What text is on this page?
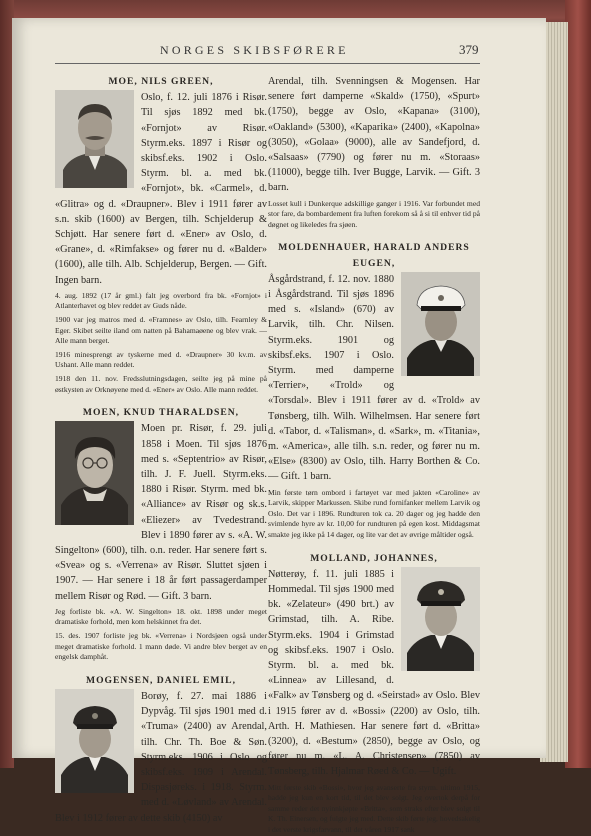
NORGES SKIBSFØRERE	379

MOE, NILS GREEN,

Oslo, f. 12. juli 1876 i Risør. Til sjøs 1892 med bk. «Fornjot» av Risør. Styrm.eks. 1897 i Risør og skibsf.eks. 1902 i Oslo. Styrm. bl. a. med bk. «Fornjot», bk. «Carmel», d. «Glitra» og d. «Draupner». Blev i 1911 fører av s.n. skib (1600) av Bergen, tilh. Schjelderup & Schjøtt. Har senere ført d. «Ener» av Oslo, d. «Grane», d. «Rimfakse» og fører nu d. «Balder» (1600), alle tilh. Alb. Schjelderup, Bergen. — Gift. Ingen barn.

4. aug. 1892 (17 år gml.) falt jeg overbord fra bk. «Fornjot» i Atlanterhavet og blev reddet av Guds nåde.

1900 var jeg matros med d. «Framnes» av Oslo, tilh. Fearnley & Eger. Skibet seilte iland om natten på Bahamaøene og blev vrak. — Alle mann berget.

1916 minesprengt av tyskerne med d. «Draupner» 30 kv.m. av Ushant. Alle mann reddet.

1918 den 11. nov. Fredsslutningsdagen, seilte jeg på mine på østkysten av Orknøyene med d. «Ener» av Oslo. Alle mann reddet.

MOEN, KNUD THARALDSEN,

Moen pr. Risør, f. 29. juli 1858 i Moen. Til sjøs 1876 med s. «Septentrio» av Risør, tilh. J. F. Juell. Styrm.eks. 1880 i Risør. Styrm. med bk. «Alliance» av Risør og sk.s. «Eliezer» av Tvedestrand. Blev i 1890 fører av s. «A. W. Singelton» (600), tilh. o.n. reder. Har senere ført s. «Svea» og s. «Verrena» av Risør. Sluttet sjøen i 1907. — Har senere i 18 år ført passagerdamper mellem Risør og Rød. — Gift. 3 barn.

Jeg forliste bk. «A. W. Singelton» 18. okt. 1898 under meget dramatiske forhold, men kom helskinnet fra det.

15. des. 1907 forliste jeg bk. «Verrena» i Nordsjøen også under meget dramatiske forhold. 1 mann døde. Vi andre blev berget av en engelsk damphåt.

MOGENSEN, DANIEL EMIL,

Borøy, f. 27. mai 1886 i Dypvåg. Til sjøs 1901 med d. «Truma» (2400) av Arendal, tilh. Chr. Th. Boe & Søn. Styrm.eks. 1906 i Oslo og skibsf.eks. 1909 i Arendal. Dispasjøreks. i 1918. Styrm. med d. «Løvland» av Arendal. Blev i 1912 fører av dette skib (4150) av

Arendal, tilh. Svenningsen & Mogensen. Har senere ført damperne «Skald» (1750), «Spurt» (1750), begge av Oslo, «Kapana» (3100), «Oakland» (5300), «Kaparika» (2400), «Kapolna» (3050), «Golaa» (9000), alle av Sandefjord, d. «Salsaas» (7790) og fører nu m. «Storaas» (11000), begge tilh. Iver Bugge, Larvik. — Gift. 3 barn.

Losset kull i Dunkerque adskillige ganger i 1916. Var forbundet med stor fare, da bombardement fra luften forekom så å si til enhver tid på døgnet og likeledes fra sjøen.

MOLDENHAUER, HARALD ANDERS EUGEN,

Åsgårdstrand, f. 12. nov. 1880 i Åsgårdstrand. Til sjøs 1896 med s. «Island» (670) av Larvik, tilh. Chr. Nilsen. Styrm.eks. 1901 og skibsf.eks. 1907 i Oslo. Styrm. med damperne «Terrier», «Trold» og «Torsdal». Blev i 1911 fører av d. «Trold» av Tønsberg, tilh. Wilh. Wilhelmsen. Har senere ført d. «Tabor, d. «Talisman», d. «Sark», m. «Titania», m. «America», alle tilh. s.n. reder, og fører nu m. «Else» (8300) av Oslo, tilh. Harry Borthen & Co. — Gift. 1 barn.

Min første tørn ombord i fartøyet var med jakten «Caroline» av Larvik, skipper Markussen. Skibe rund fornifanker mellem Larvik og Oslo. Det var i 1896. Rundturen tok ca. 20 dager og jeg hadde den svimlende hyre av kr. 10,00 for rundturen på egen kost. Middagsmat smakte jeg ikke på 14 dager, og lite var det av øvrige måltider også.

MOLLAND, JOHANNES,

Nøtterøy, f. 11. juli 1885 i Hommedal. Til sjøs 1900 med bk. «Zelateur» (490 brt.) av Grimstad, tilh. A. Ribe. Styrm.eks. 1904 i Grimstad og skibsf.eks. 1907 i Oslo. Styrm. bl. a. med bk. «Linnea» av Lillesand, d. «Falk» av Tønsberg og d. «Seirstad» av Oslo. Blev i 1915 fører av d. «Bossi» (2200) av Oslo, tilh. Arth. H. Mathiesen. Har senere ført d. «Britta» (3200), d. «Bestum» (2850), begge av Oslo, og fører nu m. «L. A. Christensen» (7850) av Tønsberg, tilh. Hjalmar Røed & Co. — Ugift.

Mitt første skib «Bossi», hvor jeg avanserte fra styrm. ultimo 1915, hadde jeg kun en kort tid, til det blev solgt. Jeg overtok derpå for samme reder det nyinnkjøpte «Britta», som straks efter blev solgt til K. Th. Einersen, og fulgte jeg med. Dette skib førte jeg, hovedsakelig i det verste krigsfarvann, til det våren 1917 sank
